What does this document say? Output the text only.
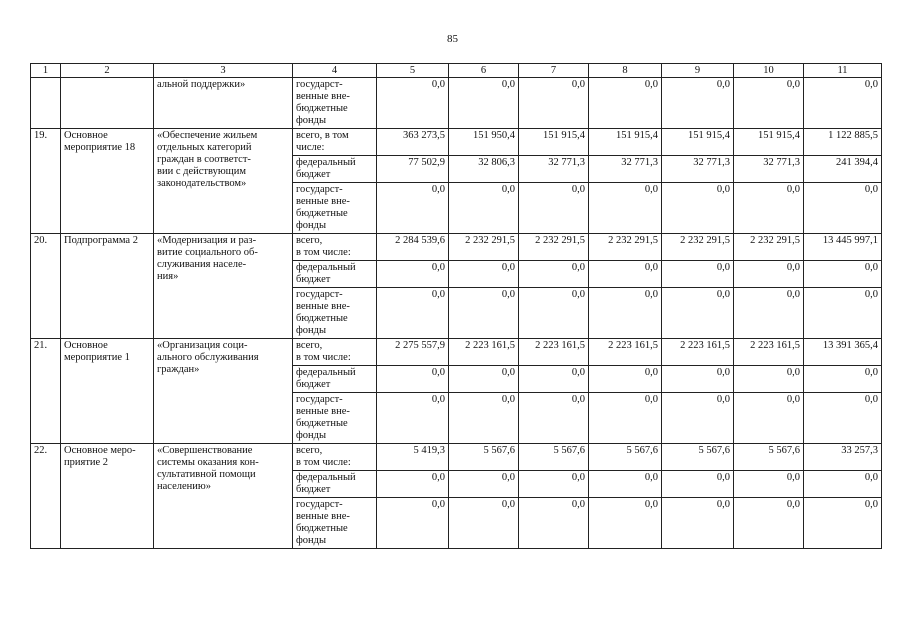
85
1	2	3	4	5	6	7	8	9	10	11
		альной поддержки»	государст-
венные вне-
бюджетные
фонды	0,0	0,0	0,0	0,0	0,0	0,0	0,0
19.	Основное
мероприятие 18	«Обеспечение жильем
отдельных категорий
граждан в соответст-
вии с действующим
законодательством»	всего, в том
числе:	363 273,5	151 950,4	151 915,4	151 915,4	151 915,4	151 915,4	1 122 885,5
			федеральный
бюджет	77 502,9	32 806,3	32 771,3	32 771,3	32 771,3	32 771,3	241 394,4
			государст-
венные вне-
бюджетные
фонды	0,0	0,0	0,0	0,0	0,0	0,0	0,0
20.	Подпрограмма 2	«Модернизация и раз-
витие социального об-
служивания населе-
ния»	всего,
в том числе:	2 284 539,6	2 232 291,5	2 232 291,5	2 232 291,5	2 232 291,5	2 232 291,5	13 445 997,1
			федеральный
бюджет	0,0	0,0	0,0	0,0	0,0	0,0	0,0
			государст-
венные вне-
бюджетные
фонды	0,0	0,0	0,0	0,0	0,0	0,0	0,0
21.	Основное
мероприятие 1	«Организация соци-
ального обслуживания
граждан»	всего,
в том числе:	2 275 557,9	2 223 161,5	2 223 161,5	2 223 161,5	2 223 161,5	2 223 161,5	13 391 365,4
			федеральный
бюджет	0,0	0,0	0,0	0,0	0,0	0,0	0,0
			государст-
венные вне-
бюджетные
фонды	0,0	0,0	0,0	0,0	0,0	0,0	0,0
22.	Основное меро-
приятие 2	«Совершенствование
системы оказания кон-
сультативной помощи
населению»	всего,
в том числе:	5 419,3	5 567,6	5 567,6	5 567,6	5 567,6	5 567,6	33 257,3
			федеральный
бюджет	0,0	0,0	0,0	0,0	0,0	0,0	0,0
			государст-
венные вне-
бюджетные
фонды	0,0	0,0	0,0	0,0	0,0	0,0	0,0
